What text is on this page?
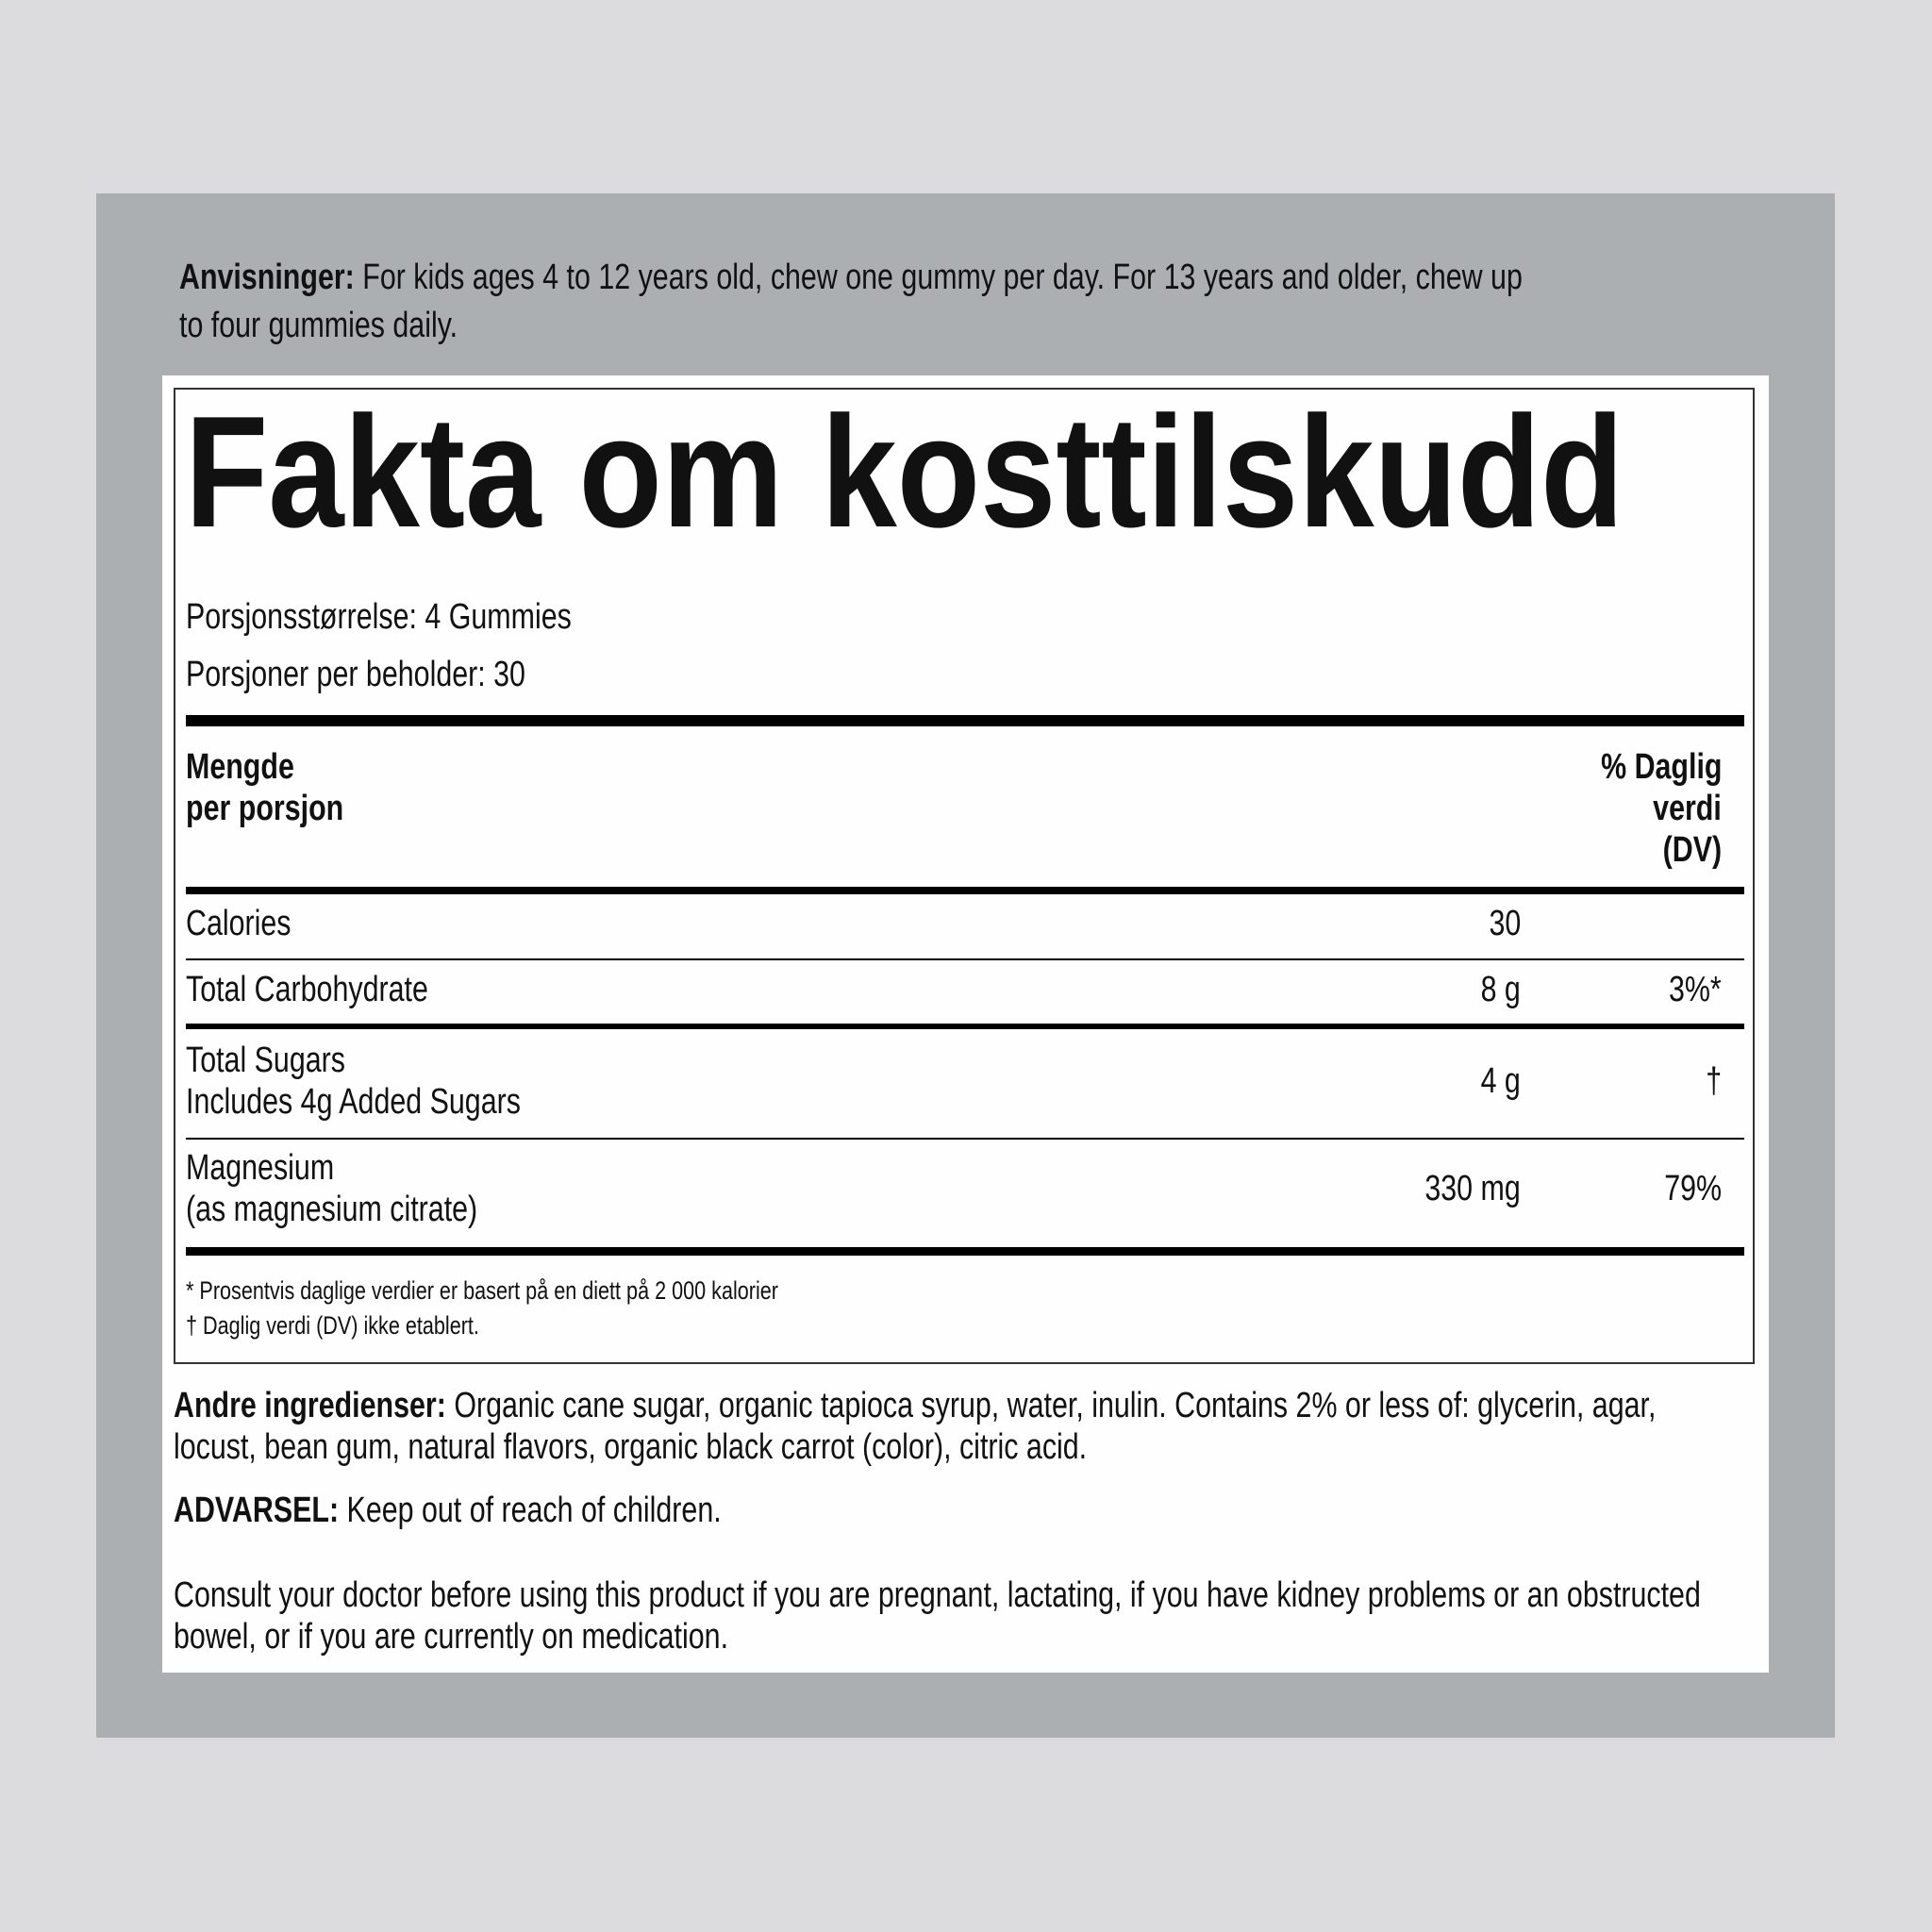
Anvisninger: For kids ages 4 to 12 years old, chew one gummy per day. For 13 years and older, chew up
to four gummies daily.
Fakta om kosttilskudd
Porsjonsstørrelse: 4 Gummies
Porsjoner per beholder: 30
Mengde
per porsjon
% Daglig
verdi
(DV)
Calories	30
Total Carbohydrate	8 g	3%*
Total Sugars
Includes 4g Added Sugars
4 g	†
Magnesium
(as magnesium citrate)
330 mg	79%
* Prosentvis daglige verdier er basert på en diett på 2 000 kalorier
† Daglig verdi (DV) ikke etablert.
Andre ingredienser: Organic cane sugar, organic tapioca syrup, water, inulin. Contains 2% or less of: glycerin, agar,
locust, bean gum, natural flavors, organic black carrot (color), citric acid.
ADVARSEL: Keep out of reach of children.
Consult your doctor before using this product if you are pregnant, lactating, if you have kidney problems or an obstructed
bowel, or if you are currently on medication.
